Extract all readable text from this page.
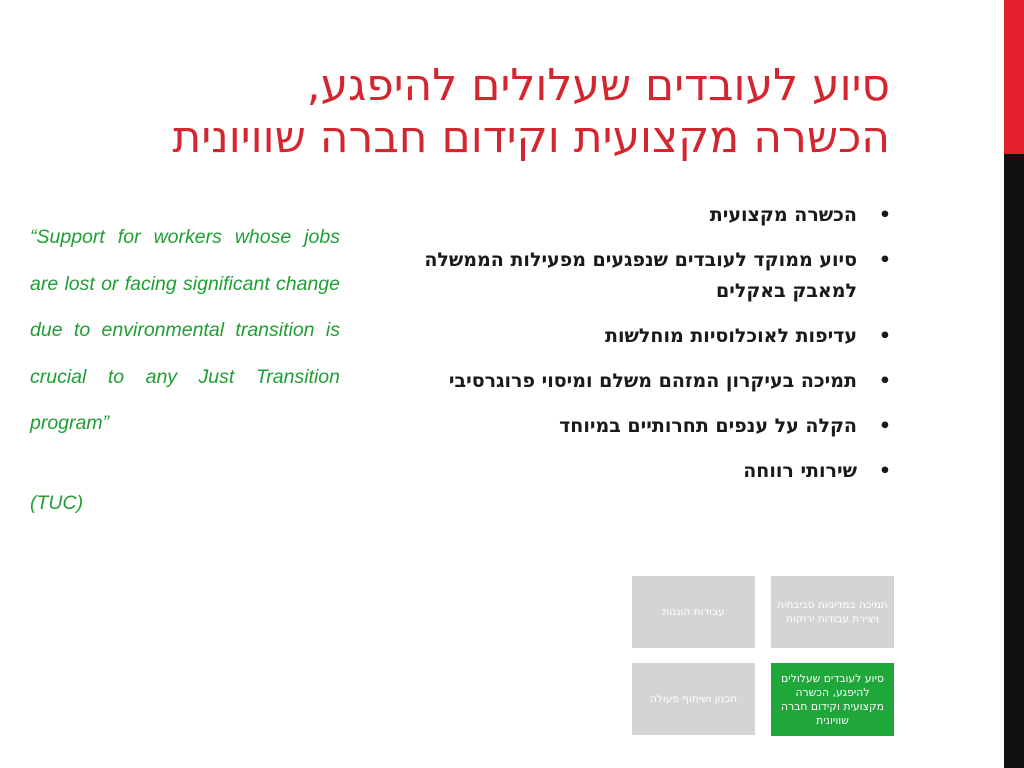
סיוע לעובדים שעלולים להיפגע,
הכשרה מקצועית וקידום חברה שוויונית
“Support for workers whose jobs are lost or facing significant change due to environmental transition is crucial to any Just Transition program”
(TUC)
•
הכשרה מקצועית
•
סיוע ממוקד לעובדים שנפגעים מפעילות הממשלה למאבק באקלים
•
עדיפות לאוכלוסיות מוחלשות
•
תמיכה בעיקרון המזהם משלם ומיסוי פרוגרסיבי
•
הקלה על ענפים תחרותיים במיוחד
•
שירותי רווחה
עבודות הוגנות
תמיכה במדיניות סביבתית ויצירת עבודות ירוקות
תכנון ושיתוף פעולה
סיוע לעובדים שעלולים להיפגע, הכשרה מקצועית וקידום חברה שוויונית
